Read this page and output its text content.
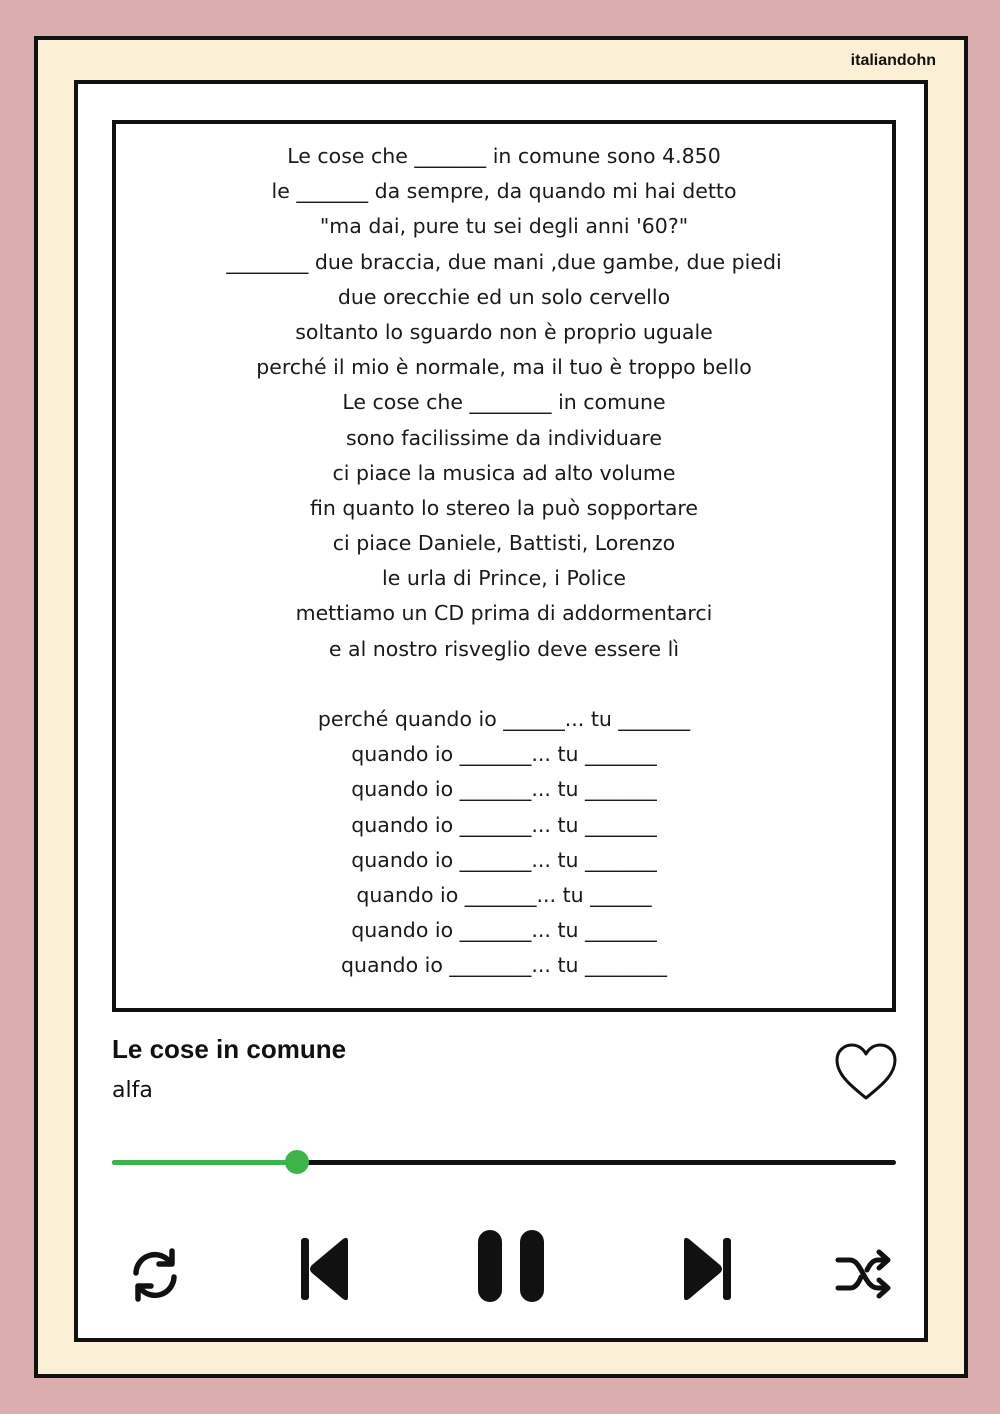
italiandohn
Le cose che _______ in comune sono 4.850
le _______ da sempre, da quando mi hai detto
"ma dai, pure tu sei degli anni '60?"
________ due braccia, due mani ,due gambe, due piedi
due orecchie ed un solo cervello
soltanto lo sguardo non è proprio uguale
perché il mio è normale, ma il tuo è troppo bello
Le cose che ________ in comune
sono facilissime da individuare
ci piace la musica ad alto volume
fin quanto lo stereo la può sopportare
ci piace Daniele, Battisti, Lorenzo
le urla di Prince, i Police
mettiamo un CD prima di addormentarci
e al nostro risveglio deve essere lì
perché quando io ______... tu _______
quando io _______... tu _______
quando io _______... tu _______
quando io _______... tu _______
quando io _______... tu _______
quando io _______... tu ______
quando io _______... tu _______
quando io ________... tu ________
Le cose in comune
alfa
